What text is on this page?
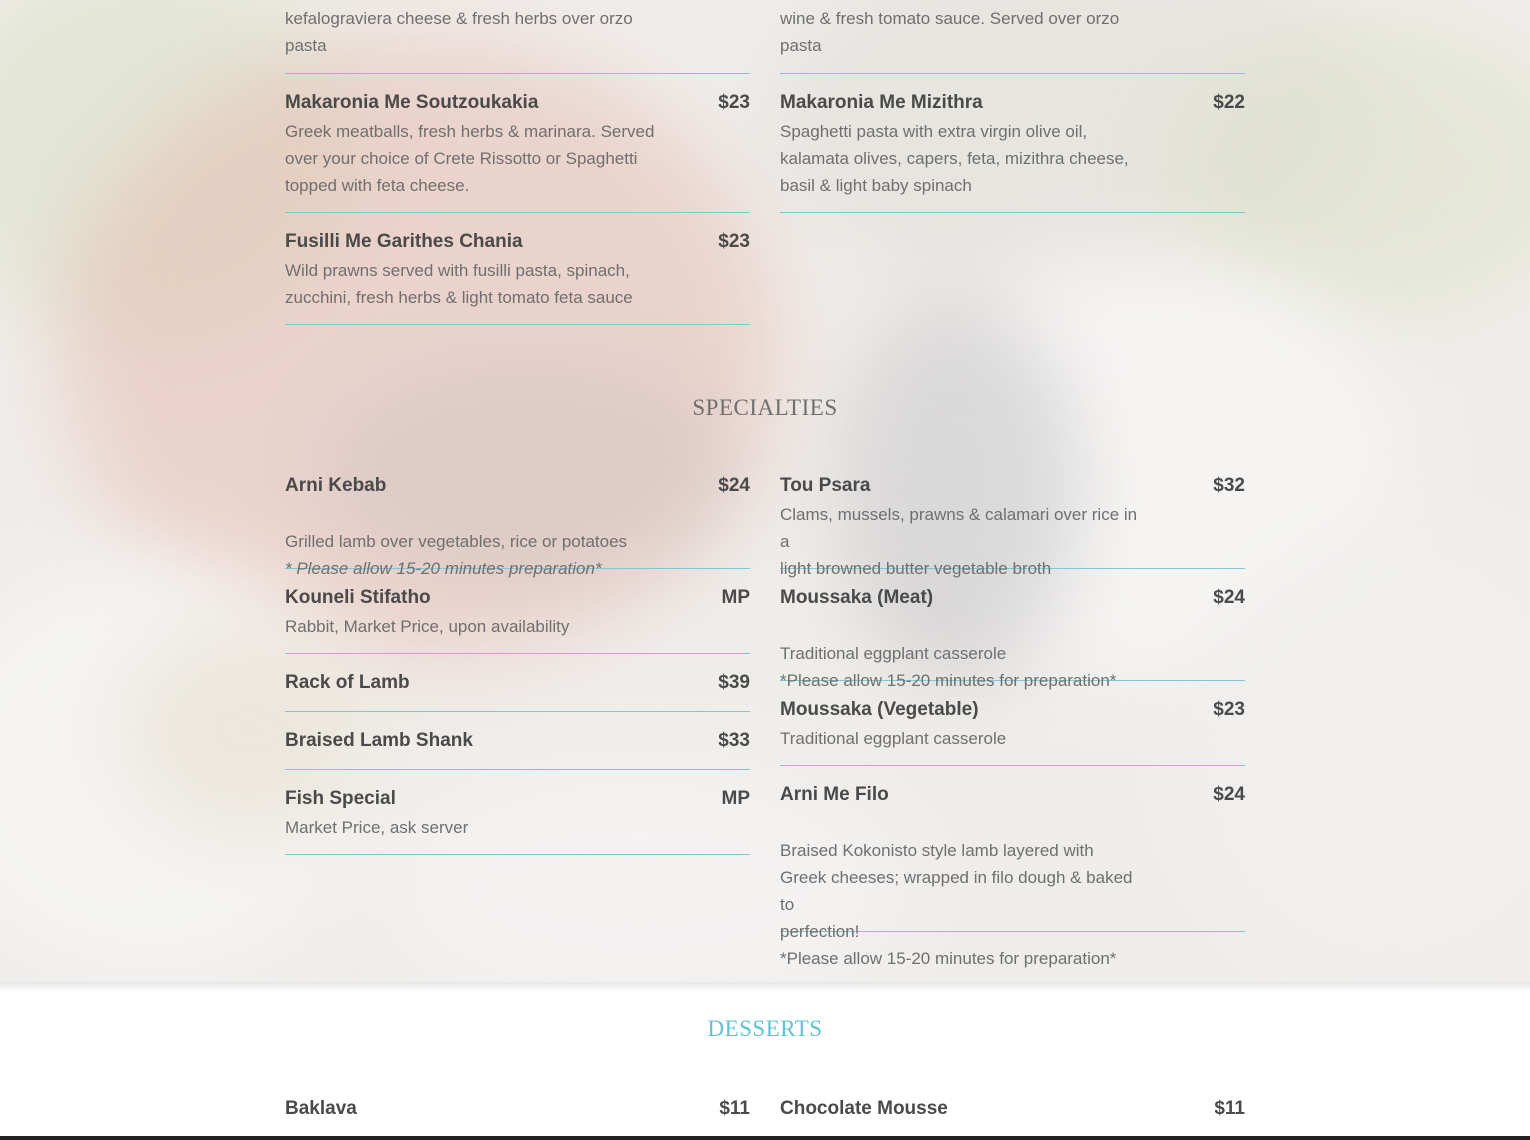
kefalograviera cheese & fresh herbs over orzo
pasta
Makaronia Me Soutzoukakia	$23
Greek meatballs, fresh herbs & marinara. Served
over your choice of Crete Rissotto or Spaghetti
topped with feta cheese.
Fusilli Me Garithes Chania	$23
Wild prawns served with fusilli pasta, spinach,
zucchini, fresh herbs & light tomato feta sauce
wine & fresh tomato sauce. Served over orzo
pasta
Makaronia Me Mizithra	$22
Spaghetti pasta with extra virgin olive oil,
kalamata olives, capers, feta, mizithra cheese,
basil & light baby spinach
SPECIALTIES
Arni Kebab	$24

Grilled lamb over vegetables, rice or potatoes

* Please allow 15-20 minutes preparation*

Kouneli Stifatho	MP
Rabbit, Market Price, upon availability
Rack of Lamb	$39
Braised Lamb Shank	$33
Fish Special	MP
Market Price, ask server
Tou Psara	$32
Clams, mussels, prawns & calamari over rice in a
light browned butter vegetable broth
Moussaka (Meat)	$24

Traditional eggplant casserole

*Please allow 15-20 minutes for preparation*

Moussaka (Vegetable)	$23
Traditional eggplant casserole
Arni Me Filo	$24

Braised Kokonisto style lamb layered with
Greek cheeses; wrapped in filo dough & baked to
perfection!

*Please allow 15-20 minutes for preparation*

DESSERTS
Baklava	$11 Chocolate Mousse	$11
